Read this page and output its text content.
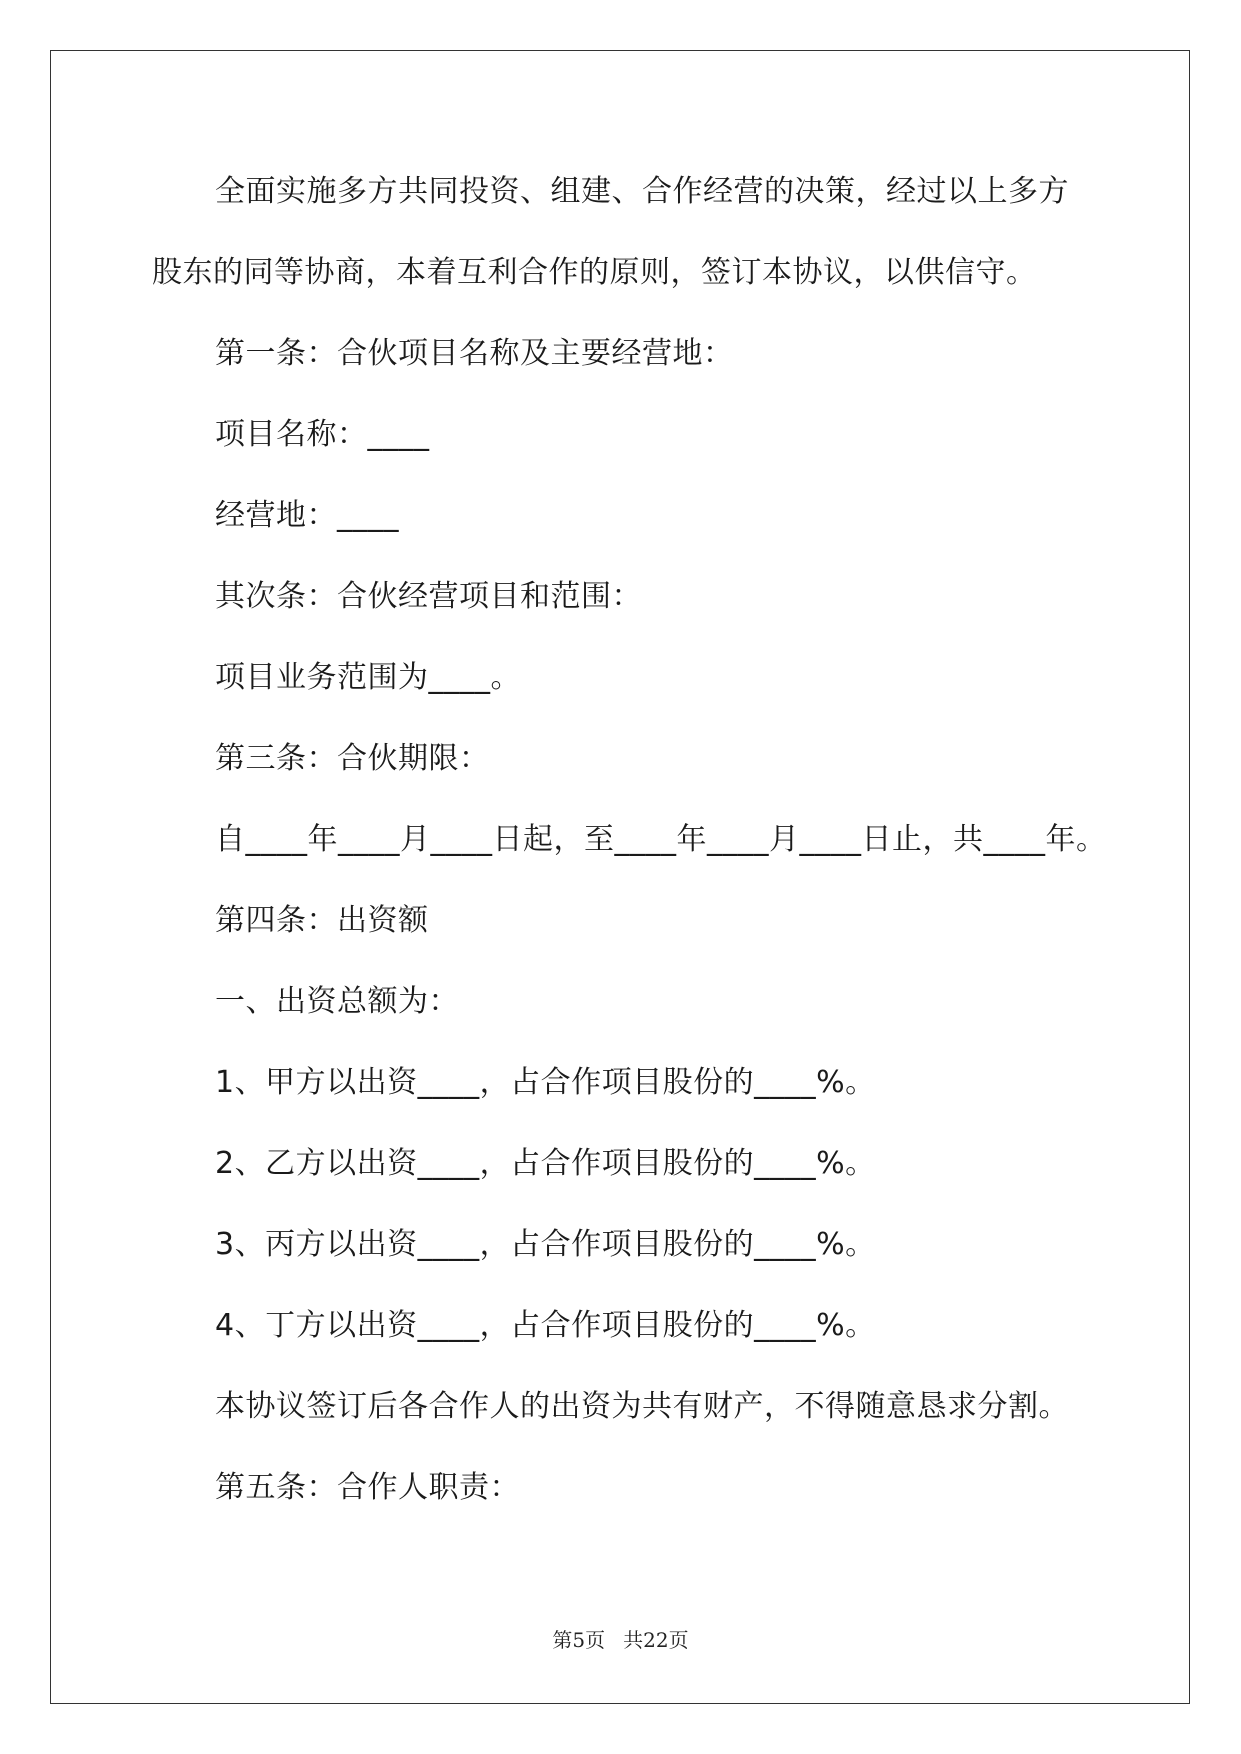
全面实施多方共同投资、组建、合作经营的决策，经过以上多方
股东的同等协商，本着互利合作的原则，签订本协议，以供信守。
第一条：合伙项目名称及主要经营地：
项目名称：____
经营地：____
其次条：合伙经营项目和范围：
项目业务范围为____。
第三条：合伙期限：
自____年____月____日起，至____年____月____日止，共____年。
第四条：出资额
一、出资总额为：
1、甲方以出资____，占合作项目股份的____%。
2、乙方以出资____，占合作项目股份的____%。
3、丙方以出资____，占合作项目股份的____%。
4、丁方以出资____，占合作项目股份的____%。
本协议签订后各合作人的出资为共有财产，不得随意恳求分割。
第五条：合作人职责：
第5页 共22页
